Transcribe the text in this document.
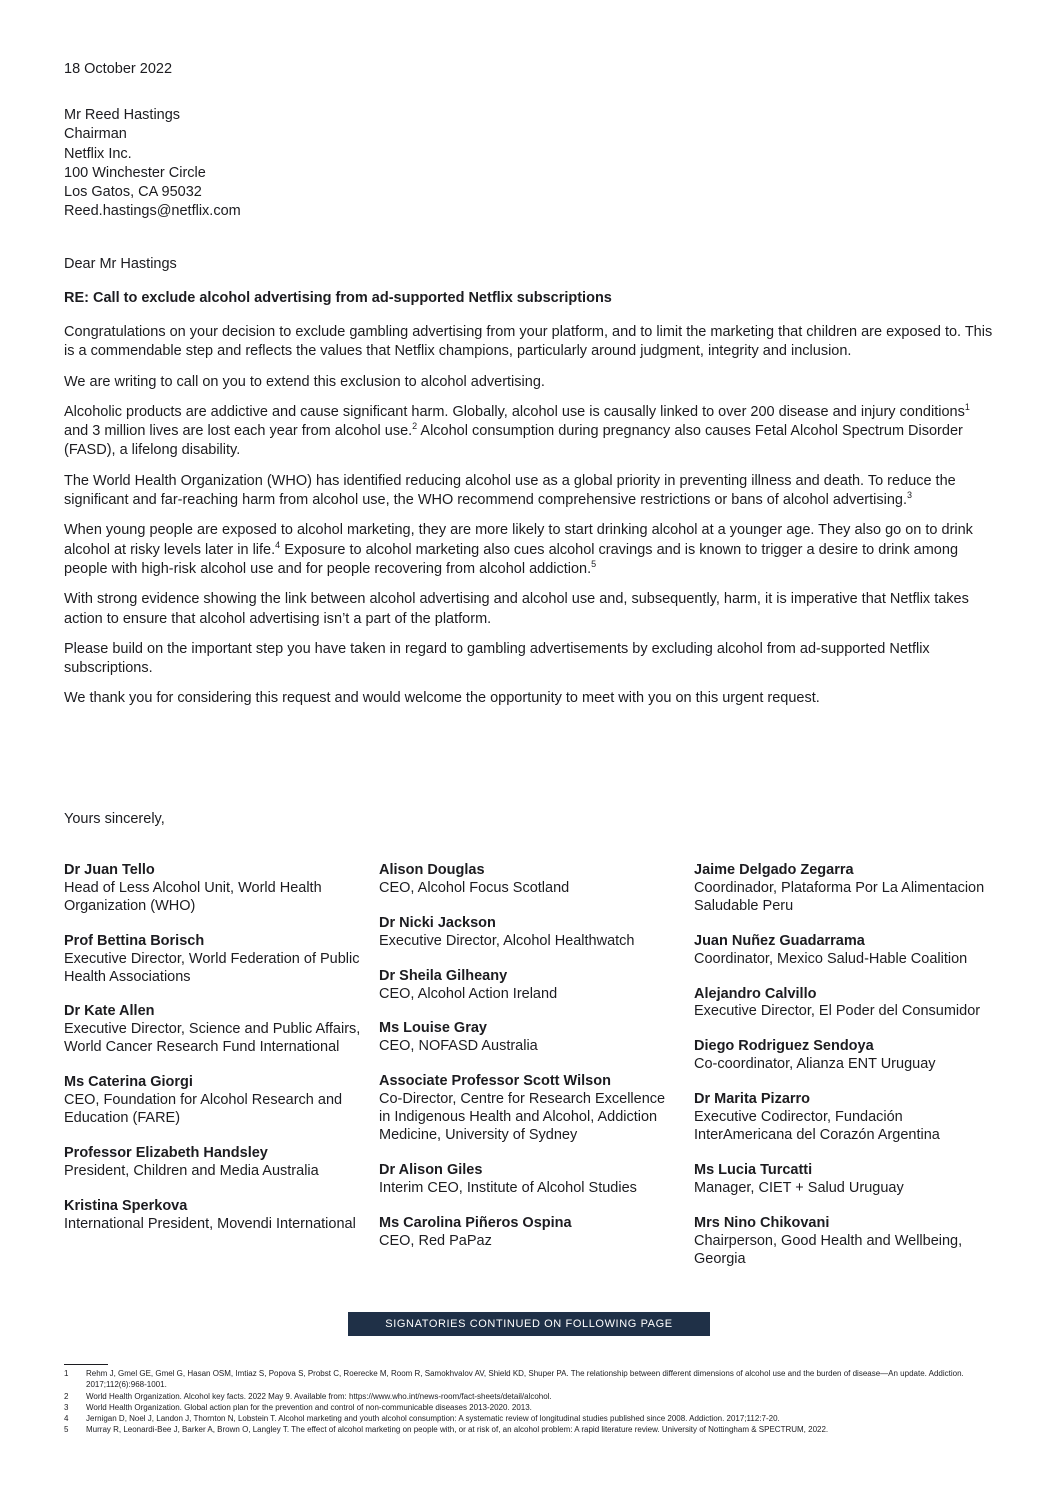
18 October 2022
Mr Reed Hastings
Chairman
Netflix Inc.
100 Winchester Circle
Los Gatos, CA 95032
Reed.hastings@netflix.com
Dear Mr Hastings
RE: Call to exclude alcohol advertising from ad-supported Netflix subscriptions

Congratulations on your decision to exclude gambling advertising from your platform, and to limit the marketing that children are exposed to. This is a commendable step and reflects the values that Netflix champions, particularly around judgment, integrity and inclusion.

We are writing to call on you to extend this exclusion to alcohol advertising.

Alcoholic products are addictive and cause significant harm. Globally, alcohol use is causally linked to over 200 disease and injury conditions$^1$ and 3 million lives are lost each year from alcohol use.$^2$ Alcohol consumption during pregnancy also causes Fetal Alcohol Spectrum Disorder (FASD), a lifelong disability.

The World Health Organization (WHO) has identified reducing alcohol use as a global priority in preventing illness and death. To reduce the significant and far-reaching harm from alcohol use, the WHO recommend comprehensive restrictions or bans of alcohol advertising.$^3$

When young people are exposed to alcohol marketing, they are more likely to start drinking alcohol at a younger age. They also go on to drink alcohol at risky levels later in life.$^4$ Exposure to alcohol marketing also cues alcohol cravings and is known to trigger a desire to drink among people with high-risk alcohol use and for people recovering from alcohol addiction.$^5$

With strong evidence showing the link between alcohol advertising and alcohol use and, subsequently, harm, it is imperative that Netflix takes action to ensure that alcohol advertising isn’t a part of the platform.

Please build on the important step you have taken in regard to gambling advertisements by excluding alcohol from ad-supported Netflix subscriptions.

We thank you for considering this request and would welcome the opportunity to meet with you on this urgent request.

Yours sincerely,
Dr Juan Tello
Head of Less Alcohol Unit, World Health Organization (WHO)
Prof Bettina Borisch
Executive Director, World Federation of Public Health Associations
Dr Kate Allen
Executive Director, Science and Public Affairs, World Cancer Research Fund International
Ms Caterina Giorgi
CEO, Foundation for Alcohol Research and Education (FARE)
Professor Elizabeth Handsley
President, Children and Media Australia
Kristina Sperkova
International President, Movendi International
Alison Douglas
CEO, Alcohol Focus Scotland
Dr Nicki Jackson
Executive Director, Alcohol Healthwatch
Dr Sheila Gilheany
CEO, Alcohol Action Ireland
Ms Louise Gray
CEO, NOFASD Australia
Associate Professor Scott Wilson
Co-Director, Centre for Research Excellence in Indigenous Health and Alcohol, Addiction Medicine, University of Sydney
Dr Alison Giles
Interim CEO, Institute of Alcohol Studies
Ms Carolina Piñeros Ospina
CEO, Red PaPaz
Jaime Delgado Zegarra
Coordinador, Plataforma Por La Alimentacion Saludable Peru
Juan Nuñez Guadarrama
Coordinator, Mexico Salud-Hable Coalition
Alejandro Calvillo
Executive Director, El Poder del Consumidor
Diego Rodriguez Sendoya
Co-coordinator, Alianza ENT Uruguay
Dr Marita Pizarro
Executive Codirector, Fundación InterAmericana del Corazón Argentina
Ms Lucia Turcatti
Manager, CIET + Salud Uruguay
Mrs Nino Chikovani
Chairperson, Good Health and Wellbeing, Georgia
SIGNATORIES CONTINUED ON FOLLOWING PAGE
1	Rehm J, Gmel GE, Gmel G, Hasan OSM, Imtiaz S, Popova S, Probst C, Roerecke M, Room R, Samokhvalov AV, Shield KD, Shuper PA. The relationship between different dimensions of alcohol use and the burden of disease—An update. Addiction. 2017;112(6):968-1001.
2	World Health Organization. Alcohol key facts. 2022 May 9. Available from: https://www.who.int/news-room/fact-sheets/detail/alcohol.
3	World Health Organization. Global action plan for the prevention and control of non-communicable diseases 2013-2020. 2013.
4	Jernigan D, Noel J, Landon J, Thornton N, Lobstein T. Alcohol marketing and youth alcohol consumption: A systematic review of longitudinal studies published since 2008. Addiction. 2017;112:7-20.
5	Murray R, Leonardi-Bee J, Barker A, Brown O, Langley T. The effect of alcohol marketing on people with, or at risk of, an alcohol problem: A rapid literature review. University of Nottingham & SPECTRUM, 2022.
